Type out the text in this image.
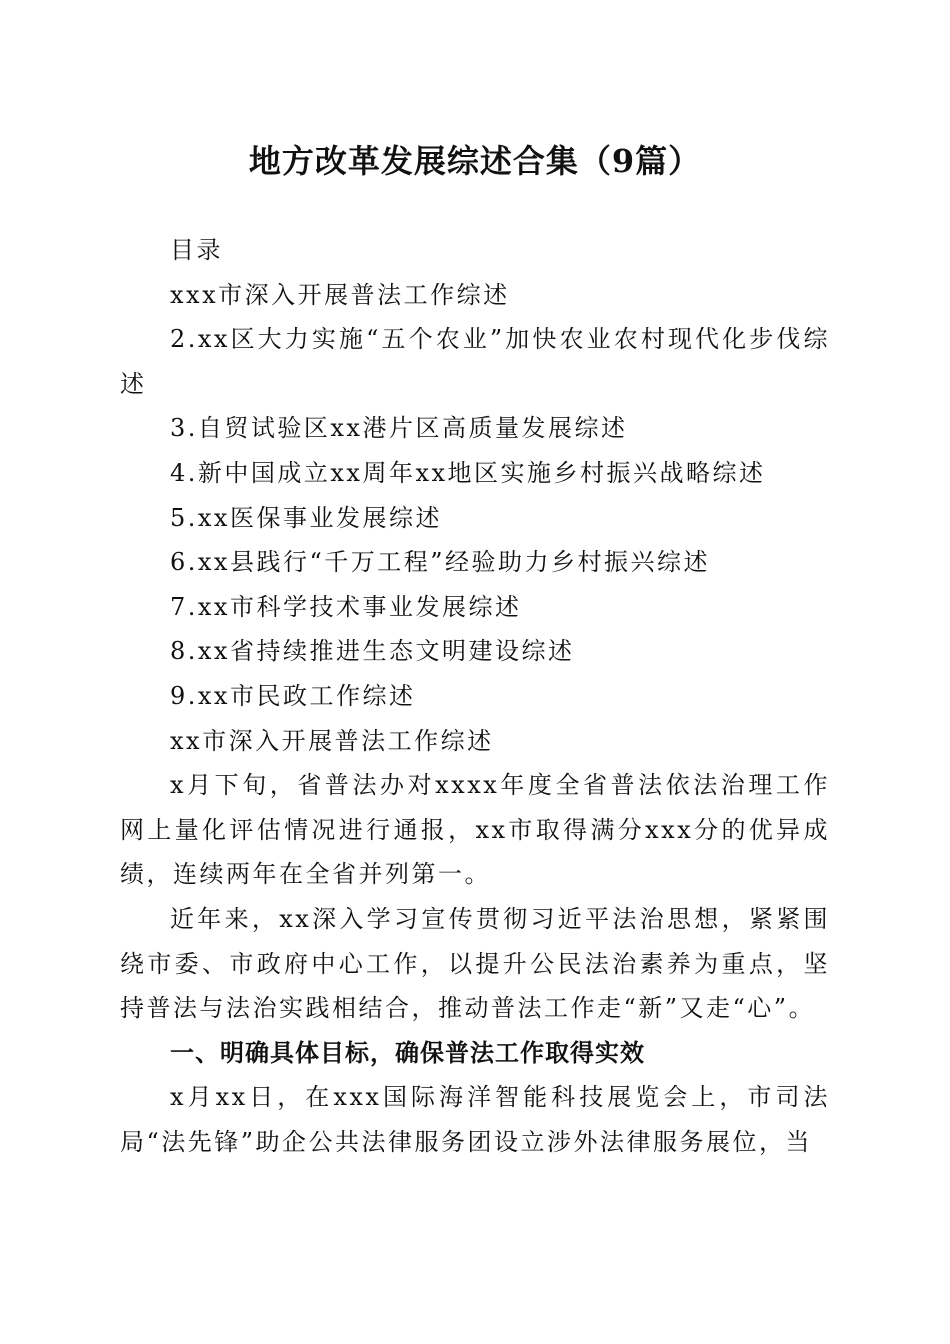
地方改革发展综述合集（9篇）

目录

xxx市深入开展普法工作综述

2.xx区大力实施“五个农业”加快农业农村现代化步伐综述

3.自贸试验区xx港片区高质量发展综述

4.新中国成立xx周年xx地区实施乡村振兴战略综述

5.xx医保事业发展综述

6.xx县践行“千万工程”经验助力乡村振兴综述

7.xx市科学技术事业发展综述

8.xx省持续推进生态文明建设综述

9.xx市民政工作综述

xx市深入开展普法工作综述

x月下旬，省普法办对xxxx年度全省普法依法治理工作网上量化评估情况进行通报，xx市取得满分xxx分的优异成绩，连续两年在全省并列第一。

近年来，xx深入学习宣传贯彻习近平法治思想，紧紧围绕市委、市政府中心工作，以提升公民法治素养为重点，坚持普法与法治实践相结合，推动普法工作走“新”又走“心”。

一、明确具体目标，确保普法工作取得实效

x月xx日，在xxx国际海洋智能科技展览会上，市司法局“法先锋”助企公共法律服务团设立涉外法律服务展位，当
